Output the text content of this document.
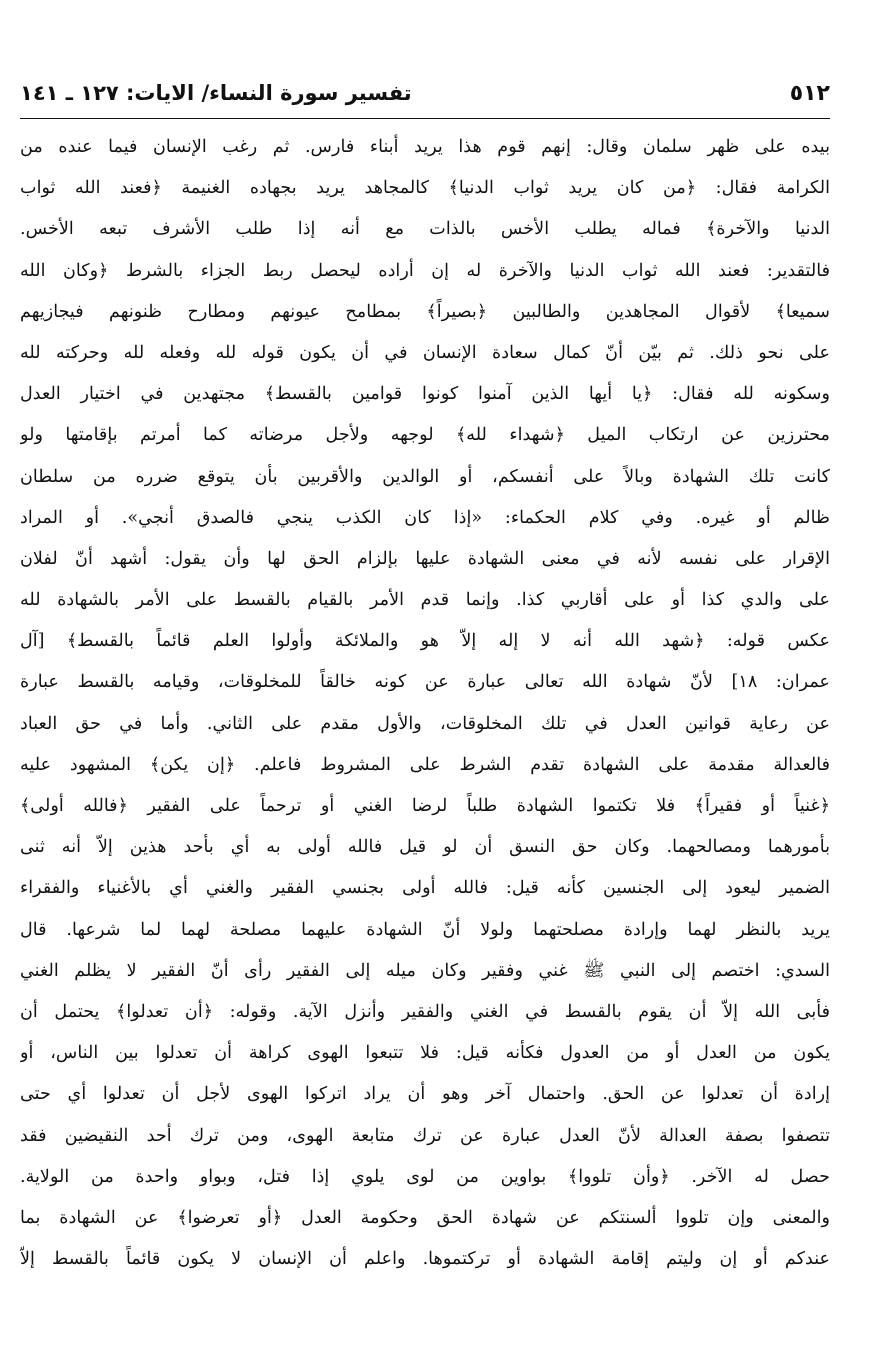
٥١٢
تفسير سورة النساء/ الايات: ١٢٧ ـ ١٤١
بيده على ظهر سلمان وقال: إنهم قوم هذا يريد أبناء فارس. ثم رغب الإنسان فيما عنده من
الكرامة فقال: ﴿من كان يريد ثواب الدنيا﴾ كالمجاهد يريد بجهاده الغنيمة ﴿فعند الله ثواب
الدنيا والآخرة﴾ فماله يطلب الأخس بالذات مع أنه إذا طلب الأشرف تبعه الأخس.
فالتقدير: فعند الله ثواب الدنيا والآخرة له إن أراده ليحصل ربط الجزاء بالشرط ﴿وكان الله
سميعا﴾ لأقوال المجاهدين والطالبين ﴿بصيراً﴾ بمطامح عيونهم ومطارح ظنونهم فيجازيهم
على نحو ذلك. ثم بيّن أنّ كمال سعادة الإنسان في أن يكون قوله لله وفعله لله وحركته لله
وسكونه لله فقال: ﴿يا أيها الذين آمنوا كونوا قوامين بالقسط﴾ مجتهدين في اختيار العدل
محترزين عن ارتكاب الميل ﴿شهداء لله﴾ لوجهه ولأجل مرضاته كما أمرتم بإقامتها ولو
كانت تلك الشهادة وبالاً على أنفسكم، أو الوالدين والأقربين بأن يتوقع ضرره من سلطان
ظالم أو غيره. وفي كلام الحكماء: «إذا كان الكذب ينجي فالصدق أنجي». أو المراد
الإقرار على نفسه لأنه في معنى الشهادة عليها بإلزام الحق لها وأن يقول: أشهد أنّ لفلان
على والدي كذا أو على أقاربي كذا. وإنما قدم الأمر بالقيام بالقسط على الأمر بالشهادة لله
عكس قوله: ﴿شهد الله أنه لا إله إلاّ هو والملائكة وأولوا العلم قائماً بالقسط﴾ [آل
عمران: ١٨] لأنّ شهادة الله تعالى عبارة عن كونه خالقاً للمخلوقات، وقيامه بالقسط عبارة
عن رعاية قوانين العدل في تلك المخلوقات، والأول مقدم على الثاني. وأما في حق العباد
فالعدالة مقدمة على الشهادة تقدم الشرط على المشروط فاعلم. ﴿إن يكن﴾ المشهود عليه
﴿غنياً أو فقيراً﴾ فلا تكتموا الشهادة طلباً لرضا الغني أو ترحماً على الفقير ﴿فالله أولى﴾
بأمورهما ومصالحهما. وكان حق النسق أن لو قيل فالله أولى به أي بأحد هذين إلاّ أنه ثنى
الضمير ليعود إلى الجنسين كأنه قيل: فالله أولى بجنسي الفقير والغني أي بالأغنياء والفقراء
يريد بالنظر لهما وإرادة مصلحتهما ولولا أنّ الشهادة عليهما مصلحة لهما لما شرعها. قال
السدي: اختصم إلى النبي ﷺ غني وفقير وكان ميله إلى الفقير رأى أنّ الفقير لا يظلم الغني
فأبى الله إلاّ أن يقوم بالقسط في الغني والفقير وأنزل الآية. وقوله: ﴿أن تعدلوا﴾ يحتمل أن
يكون من العدل أو من العدول فكأنه قيل: فلا تتبعوا الهوى كراهة أن تعدلوا بين الناس، أو
إرادة أن تعدلوا عن الحق. واحتمال آخر وهو أن يراد اتركوا الهوى لأجل أن تعدلوا أي حتى
تتصفوا بصفة العدالة لأنّ العدل عبارة عن ترك متابعة الهوى، ومن ترك أحد النقيضين فقد
حصل له الآخر. ﴿وأن تلووا﴾ بواوين من لوى يلوي إذا فتل، وبواو واحدة من الولاية.
والمعنى وإن تلووا ألسنتكم عن شهادة الحق وحكومة العدل ﴿أو تعرضوا﴾ عن الشهادة بما
عندكم أو إن وليتم إقامة الشهادة أو تركتموها. واعلم أن الإنسان لا يكون قائماً بالقسط إلاّ
